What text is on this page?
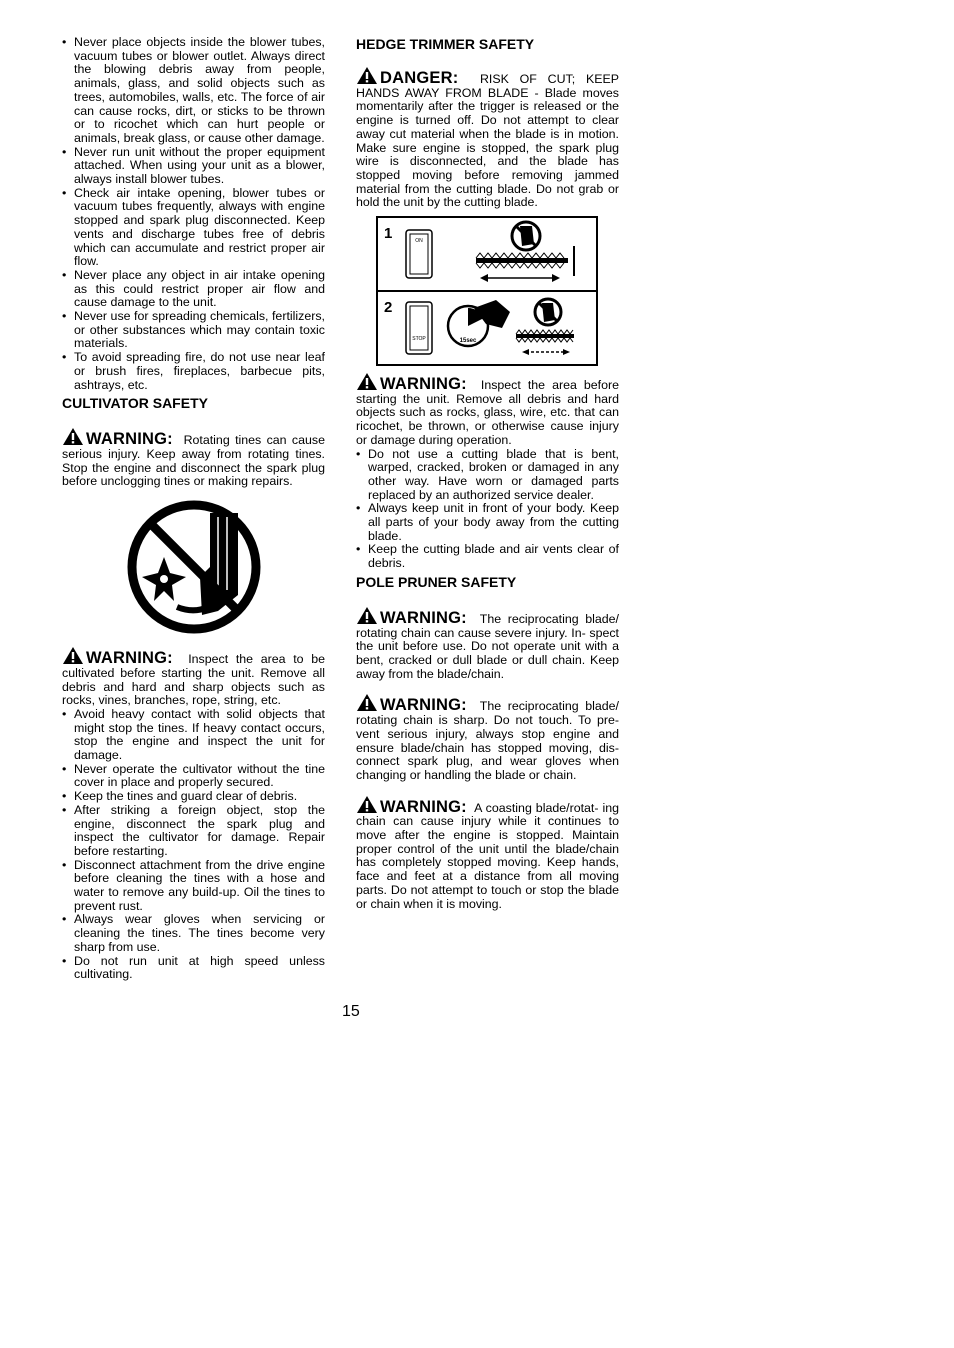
• Never place objects inside the blower tubes, vacuum tubes or blower outlet. Always direct the blowing debris away from people, animals, glass, and solid objects such as trees, automobiles, walls, etc. The force of air can cause rocks, dirt, or sticks to be thrown or to ricochet which can hurt people or animals, break glass, or cause other damage.
• Never run unit without the proper equipment attached. When using your unit as a blower, always install blower tubes.
• Check air intake opening, blower tubes or vacuum tubes frequently, always with engine stopped and spark plug disconnected. Keep vents and discharge tubes free of debris which can accumulate and restrict proper air flow.
• Never place any object in air intake opening as this could restrict proper air flow and cause damage to the unit.
• Never use for spreading chemicals, fertilizers, or other substances which may contain toxic materials.
• To avoid spreading fire, do not use near leaf or brush fires, fireplaces, barbecue pits, ashtrays, etc.
CULTIVATOR SAFETY

WARNING: Rotating tines can cause serious injury. Keep away from rotating tines. Stop the engine and disconnect the spark plug before unclogging tines or making repairs.

WARNING: Inspect the area to be cultivated before starting the unit. Remove all debris and hard and sharp objects such as rocks, vines, branches, rope, string, etc.

• Avoid heavy contact with solid objects that might stop the tines. If heavy contact occurs, stop the engine and inspect the unit for damage.
• Never operate the cultivator without the tine cover in place and properly secured.
• Keep the tines and guard clear of debris.
• After striking a foreign object, stop the engine, disconnect the spark plug and inspect the cultivator for damage. Repair before restarting.
• Disconnect attachment from the drive engine before cleaning the tines with a hose and water to remove any build-up. Oil the tines to prevent rust.
• Always wear gloves when servicing or cleaning the tines. The tines become very sharp from use.
• Do not run unit at high speed unless cultivating.
HEDGE TRIMMER SAFETY

DANGER: RISK OF CUT; KEEP HANDS AWAY FROM BLADE - Blade moves momentarily after the trigger is released or the engine is turned off. Do not attempt to clear away cut material when the blade is in motion. Make sure engine is stopped, the spark plug wire is disconnected, and the blade has stopped moving before removing jammed material from the cutting blade. Do not grab or hold the unit by the cutting blade.

1	ON
2
STOP	15sec

WARNING: Inspect the area before starting the unit. Remove all debris and hard objects such as rocks, glass, wire, etc. that can ricochet, be thrown, or otherwise cause injury or damage during operation.

• Do not use a cutting blade that is bent, warped, cracked, broken or damaged in any other way. Have worn or damaged parts replaced by an authorized service dealer.
• Always keep unit in front of your body. Keep all parts of your body away from the cutting blade.
• Keep the cutting blade and air vents clear of debris.
POLE PRUNER SAFETY

WARNING: The reciprocating blade/ rotating chain can cause severe injury. In- spect the unit before use. Do not operate unit with a bent, cracked or dull blade or dull chain. Keep away from the blade/chain.

WARNING: The reciprocating blade/ rotating chain is sharp. Do not touch. To pre- vent serious injury, always stop engine and ensure blade/chain has stopped moving, dis- connect spark plug, and wear gloves when changing or handling the blade or chain.

WARNING: A coasting blade/rotat- ing chain can cause injury while it continues to move after the engine is stopped. Maintain proper control of the unit until the blade/chain has completely stopped moving. Keep hands, face and feet at a distance from all moving parts. Do not attempt to touch or stop the blade or chain when it is moving.

15
